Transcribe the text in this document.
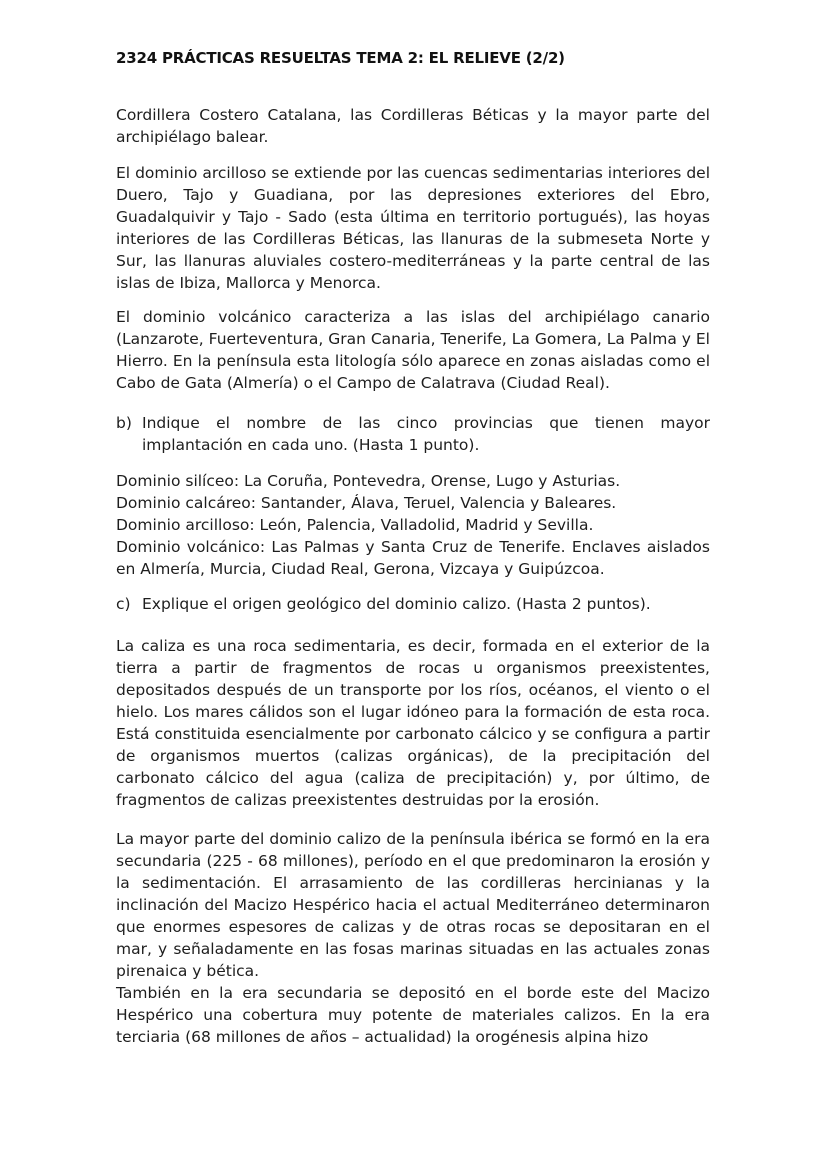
2324 PRÁCTICAS RESUELTAS TEMA 2: EL RELIEVE (2/2)

Cordillera Costero Catalana, las Cordilleras Béticas y la mayor parte del archipiélago balear.

El dominio arcilloso se extiende por las cuencas sedimentarias interiores del Duero, Tajo y Guadiana, por las depresiones exteriores del Ebro, Guadalquivir y Tajo - Sado (esta última en territorio portugués), las hoyas interiores de las Cordilleras Béticas, las llanuras de la submeseta Norte y Sur, las llanuras aluviales costero-mediterráneas y la parte central de las islas de Ibiza, Mallorca y Menorca.

El dominio volcánico caracteriza a las islas del archipiélago canario (Lanzarote, Fuerteventura, Gran Canaria, Tenerife, La Gomera, La Palma y El Hierro. En la península esta litología sólo aparece en zonas aisladas como el Cabo de Gata (Almería) o el Campo de Calatrava (Ciudad Real).

b) Indique el nombre de las cinco provincias que tienen mayor implantación en cada uno. (Hasta 1 punto).

Dominio silíceo: La Coruña, Pontevedra, Orense, Lugo y Asturias.

Dominio calcáreo: Santander, Álava, Teruel, Valencia y Baleares.

Dominio arcilloso: León, Palencia, Valladolid, Madrid y Sevilla.

Dominio volcánico: Las Palmas y Santa Cruz de Tenerife. Enclaves aislados en Almería, Murcia, Ciudad Real, Gerona, Vizcaya y Guipúzcoa.

c) Explique el origen geológico del dominio calizo. (Hasta 2 puntos).

La caliza es una roca sedimentaria, es decir, formada en el exterior de la tierra a partir de fragmentos de rocas u organismos preexistentes, depositados después de un transporte por los ríos, océanos, el viento o el hielo. Los mares cálidos son el lugar idóneo para la formación de esta roca. Está constituida esencialmente por carbonato cálcico y se configura a partir de organismos muertos (calizas orgánicas), de la precipitación del carbonato cálcico del agua (caliza de precipitación) y, por último, de fragmentos de calizas preexistentes destruidas por la erosión.

La mayor parte del dominio calizo de la península ibérica se formó en la era secundaria (225 - 68 millones), período en el que predominaron la erosión y la sedimentación. El arrasamiento de las cordilleras hercinianas y la inclinación del Macizo Hespérico hacia el actual Mediterráneo determinaron que enormes espesores de calizas y de otras rocas se depositaran en el mar, y señaladamente en las fosas marinas situadas en las actuales zonas pirenaica y bética.

También en la era secundaria se depositó en el borde este del Macizo Hespérico una cobertura muy potente de materiales calizos. En la era terciaria (68 millones de años – actualidad) la orogénesis alpina hizo
